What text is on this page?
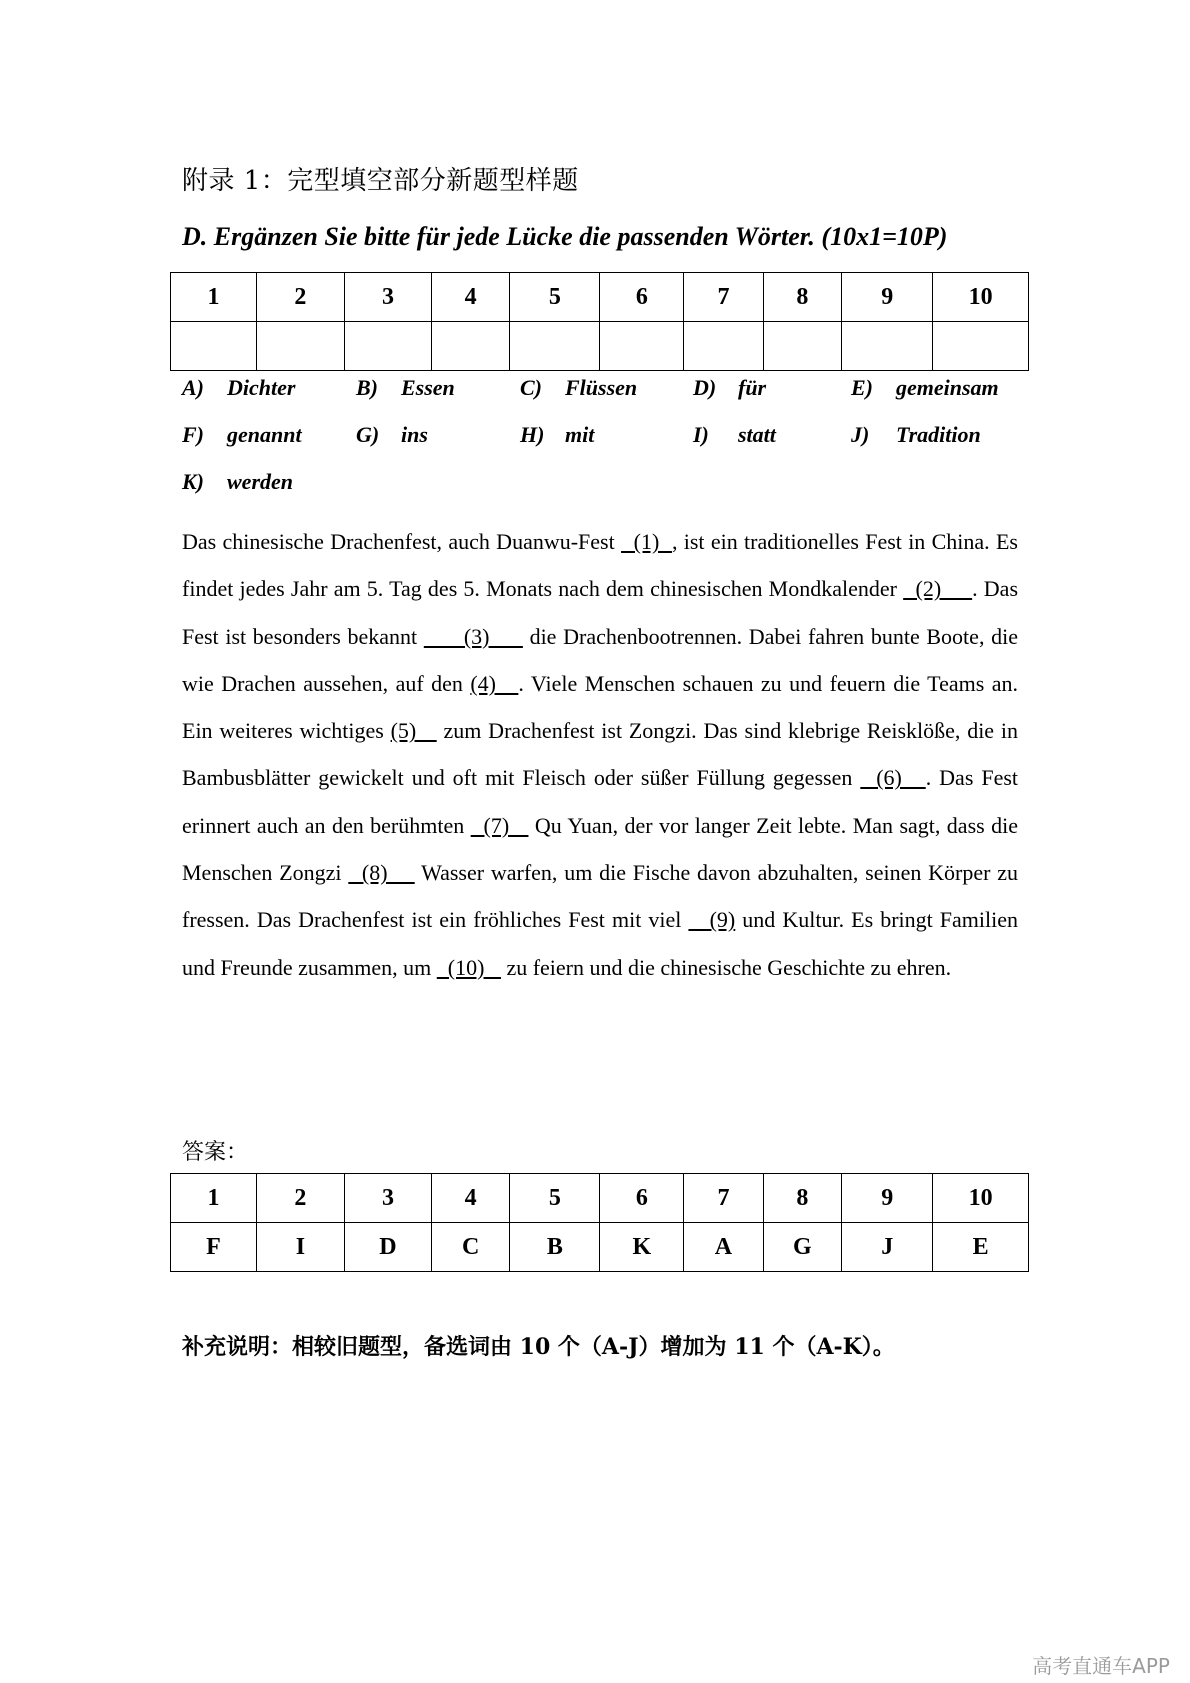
附录 1：完型填空部分新题型样题
D. Ergänzen Sie bitte für jede Lücke die passenden Wörter. (10x1=10P)
1	2	3	4	5	6	7	8	9	10

A) Dichter	B) Essen	C) Flüssen	D) für	E) gemeinsam
F) genannt G) ins	H) mit	I) statt	J) Tradition
K) werden
Das chinesische Drachenfest, auch Duanwu-Fest   (1)  , ist ein traditionelles Fest in China. Es findet jedes Jahr am 5. Tag des 5. Monats nach dem chinesischen Mondkalender   (2)     . Das Fest ist besonders bekannt       (3)      die Drachenbootrennen. Dabei fahren bunte Boote, die wie Drachen aussehen, auf den (4)   . Viele Menschen schauen zu und feuern die Teams an. Ein weiteres wichtiges (5)    zum Drachenfest ist Zongzi. Das sind klebrige Reisklöße, die in Bambusblätter gewickelt und oft mit Fleisch oder süßer Füllung gegessen   (6)   . Das Fest erinnert auch an den berühmten   (7)    Qu Yuan, der vor langer Zeit lebte. Man sagt, dass die Menschen Zongzi   (8)     Wasser warfen, um die Fische davon abzuhalten, seinen Körper zu fressen. Das Drachenfest ist ein fröhliches Fest mit viel    (9) und Kultur. Es bringt Familien und Freunde zusammen, um   (10)    zu feiern und die chinesische Geschichte zu ehren.
答案：
1	2	3	4	5	6	7	8	9	10
F	I	D	C	B	K	A	G	J	E
补充说明：相较旧题型，备选词由 10 个（A-J）增加为 11 个（A-K）。
高考直通车APP
